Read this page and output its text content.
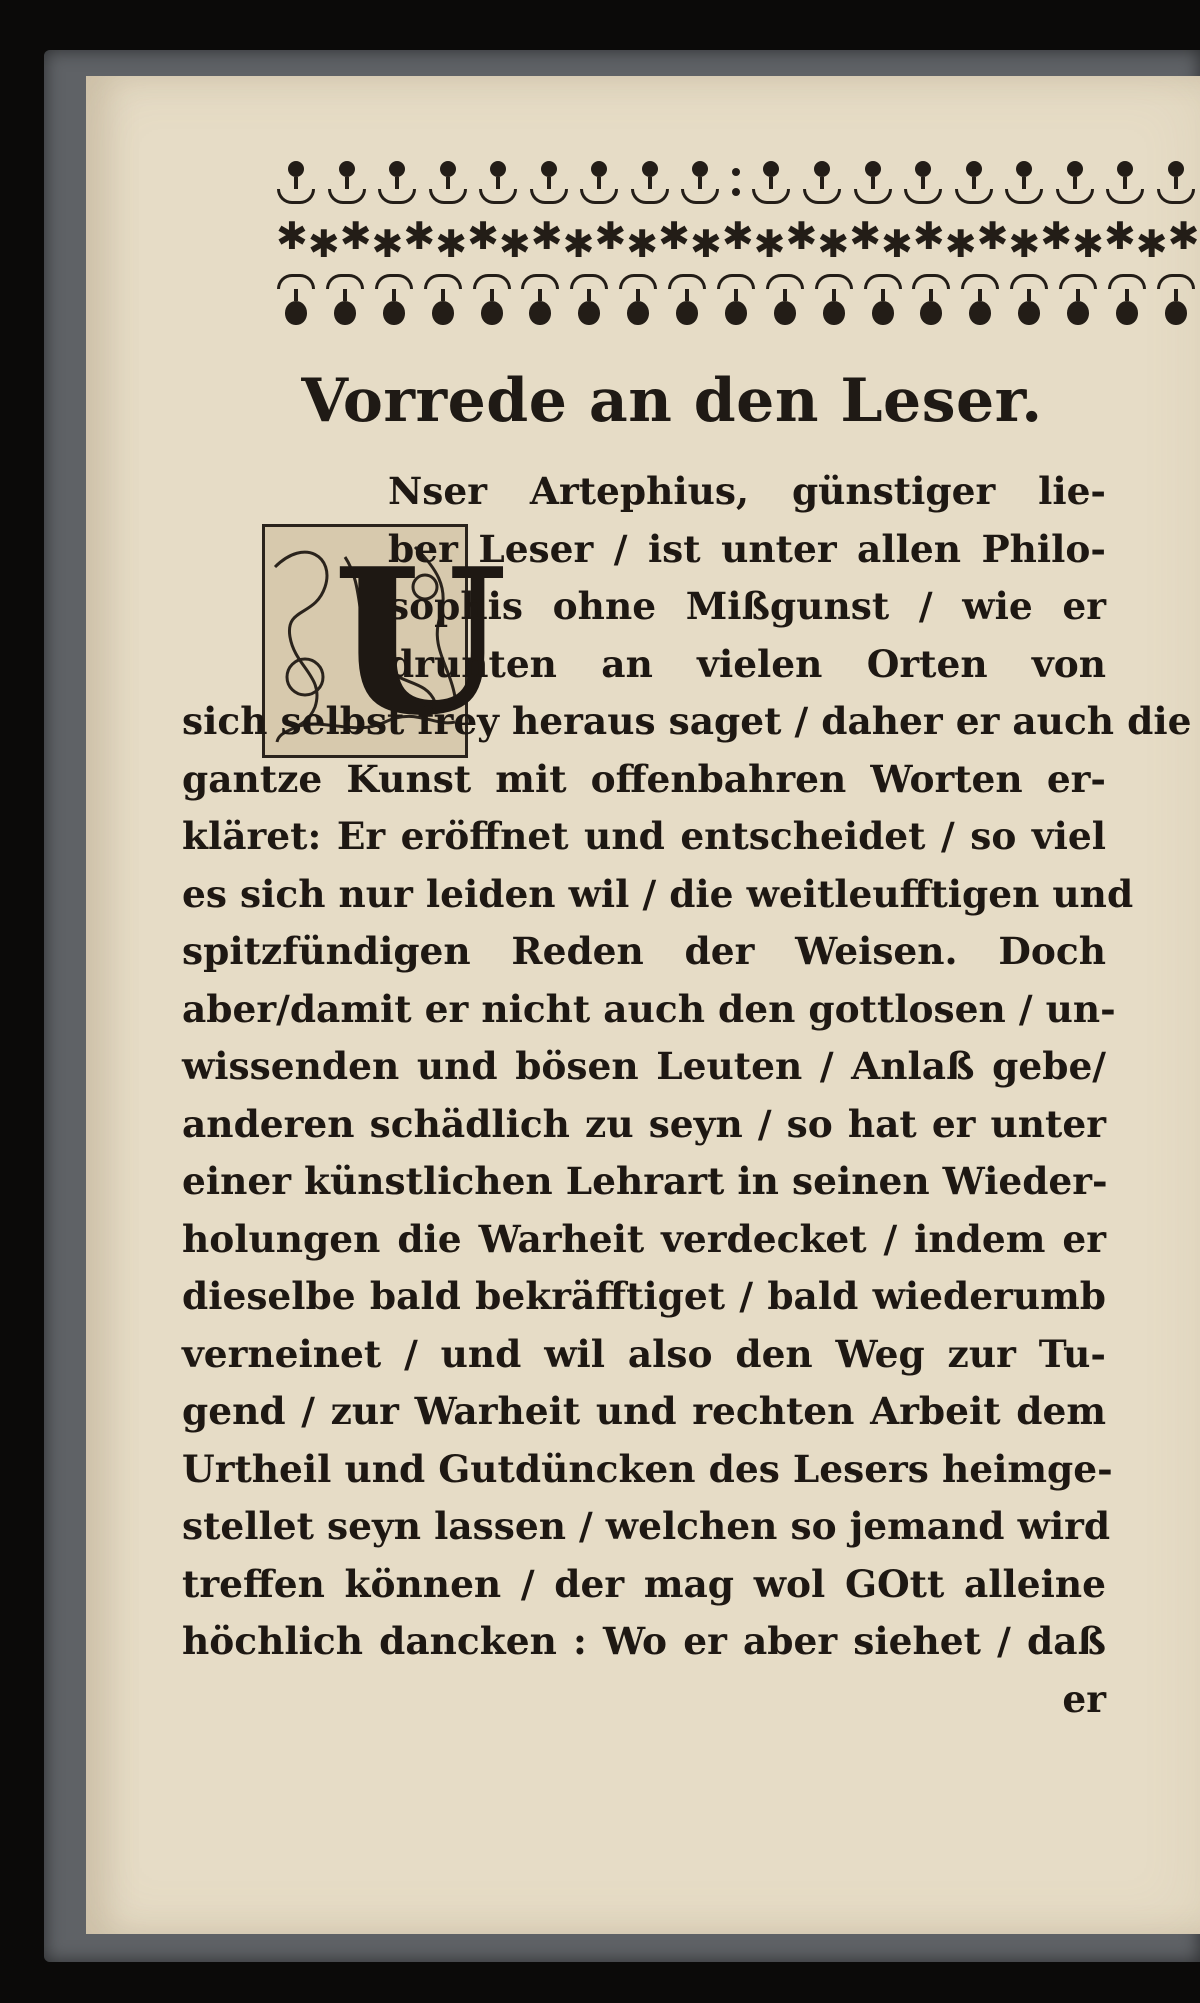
✱ ✱ ✱ ✱ ✱ ✱ ✱ ✱ ✱ ✱ ✱ ✱ ✱ ✱ ✱ ✱ ✱ ✱ ✱ ✱ ✱ ✱ ✱ ✱ ✱ ✱ ✱ ✱ ✱
Vorrede an den Leser.
U
Nser Artephius, günstiger lie-
ber Leser / ist unter allen Philo-
sophis ohne Mißgunst / wie er
drunten an vielen Orten von
sich selbst frey heraus saget / daher er auch die
gantze Kunst mit offenbahren Worten er-
kläret: Er eröffnet und entscheidet / so viel
es sich nur leiden wil / die weitleufftigen und
spitzfündigen Reden der Weisen. Doch
aber/damit er nicht auch den gottlosen / un-
wissenden und bösen Leuten / Anlaß gebe/
anderen schädlich zu seyn / so hat er unter
einer künstlichen Lehrart in seinen Wieder-
holungen die Warheit verdecket / indem er
dieselbe bald bekräfftiget / bald wiederumb
verneinet / und wil also den Weg zur Tu-
gend / zur Warheit und rechten Arbeit dem
Urtheil und Gutdüncken des Lesers heimge-
stellet seyn lassen / welchen so jemand wird
treffen können / der mag wol GOtt alleine
höchlich dancken : Wo er aber siehet / daß
er
